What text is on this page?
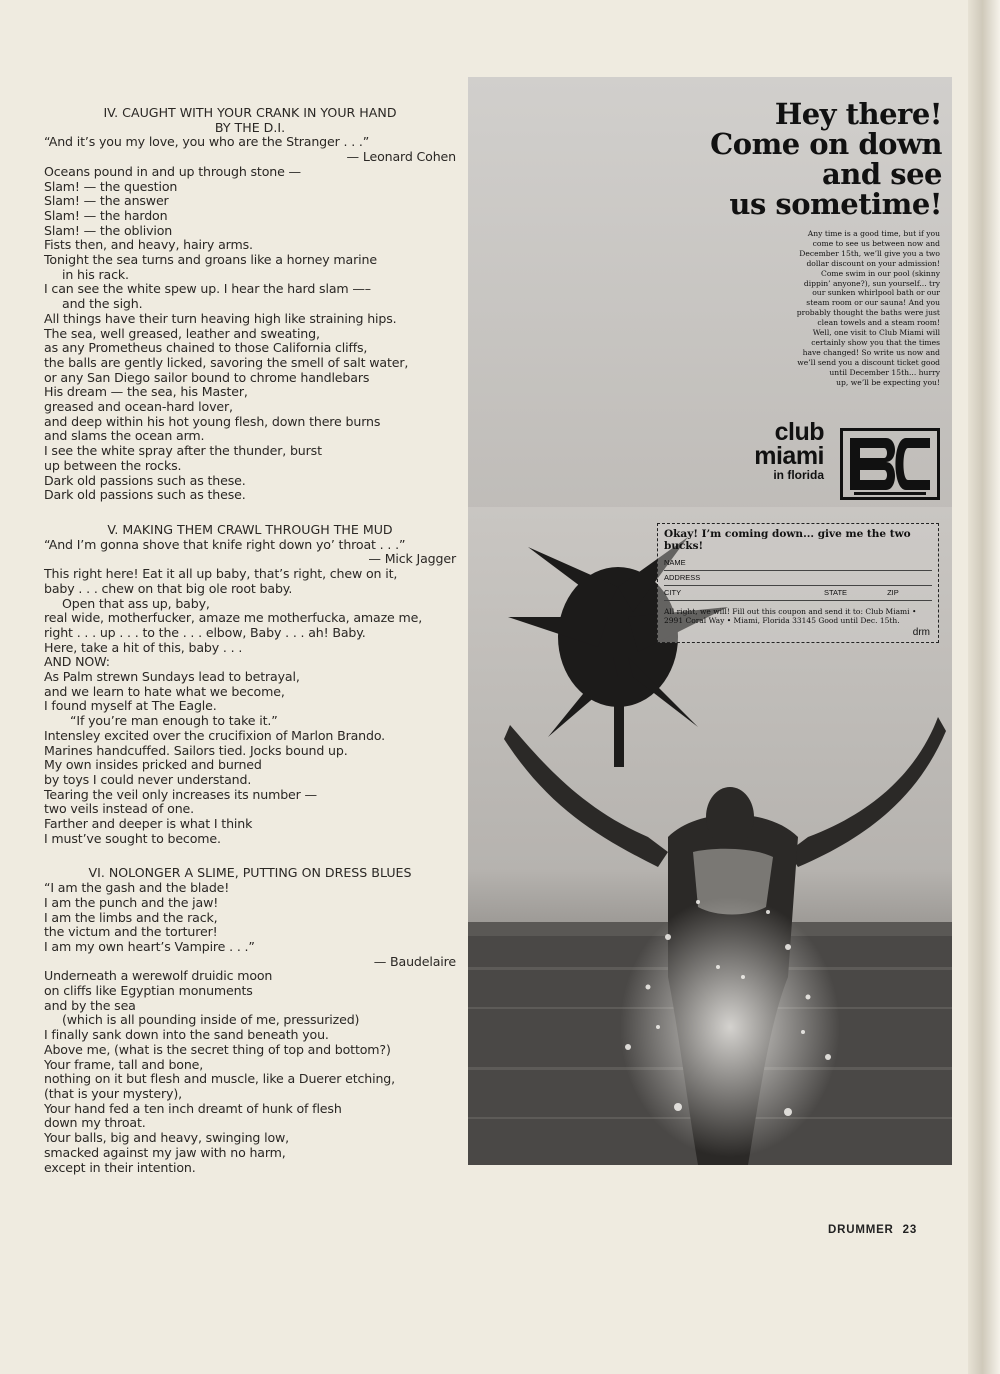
IV. CAUGHT WITH YOUR CRANK IN YOUR HAND
BY THE D.I.
“And it’s you my love, you who are the Stranger . . .”
— Leonard Cohen
Oceans pound in and up through stone —
Slam! — the question
Slam! — the answer
Slam! — the hardon
Slam! — the oblivion
Fists then, and heavy, hairy arms.
Tonight the sea turns and groans like a horney marine
in his rack.
I can see the white spew up. I hear the hard slam —–
and the sigh.
All things have their turn heaving high like straining hips.
The sea, well greased, leather and sweating,
as any Prometheus chained to those California cliffs,
the balls are gently licked, savoring the smell of salt water,
or any San Diego sailor bound to chrome handlebars
His dream — the sea, his Master,
greased and ocean-hard lover,
and deep within his hot young flesh, down there burns
and slams the ocean arm.
I see the white spray after the thunder, burst
up between the rocks.
Dark old passions such as these.
Dark old passions such as these.
V. MAKING THEM CRAWL THROUGH THE MUD
“And I’m gonna shove that knife right down yo’ throat . . .”
— Mick Jagger
This right here! Eat it all up baby, that’s right, chew on it,
baby . . . chew on that big ole root baby.
Open that ass up, baby,
real wide, motherfucker, amaze me motherfucka, amaze me,
right . . . up . . . to the . . . elbow, Baby . . . ah! Baby.
Here, take a hit of this, baby . . .
AND NOW:
As Palm strewn Sundays lead to betrayal,
and we learn to hate what we become,
I found myself at The Eagle.
“If you’re man enough to take it.”
Intensley excited over the crucifixion of Marlon Brando.
Marines handcuffed. Sailors tied. Jocks bound up.
My own insides pricked and burned
by toys I could never understand.
Tearing the veil only increases its number —
two veils instead of one.
Farther and deeper is what I think
I must’ve sought to become.
VI. NOLONGER A SLIME, PUTTING ON DRESS BLUES
“I am the gash and the blade!
I am the punch and the jaw!
I am the limbs and the rack,
the victum and the torturer!
I am my own heart’s Vampire . . .”
— Baudelaire
Underneath a werewolf druidic moon
on cliffs like Egyptian monuments
and by the sea
(which is all pounding inside of me, pressurized)
I finally sank down into the sand beneath you.
Above me, (what is the secret thing of top and bottom?)
Your frame, tall and bone,
nothing on it but flesh and muscle, like a Duerer etching,
(that is your mystery),
Your hand fed a ten inch dreamt of hunk of flesh
down my throat.
Your balls, big and heavy, swinging low,
smacked against my jaw with no harm,
except in their intention.
Hey there!
Come on down
and see
us sometime!
Any time is a good time, but if you
come to see us between now and
December 15th, we’ll give you a two
dollar discount on your admission!
Come swim in our pool (skinny
dippin’ anyone?), sun yourself... try
our sunken whirlpool bath or our
steam room or our sauna! And you
probably thought the baths were just
clean towels and a steam room!
Well, one visit to Club Miami will
certainly show you that the times
have changed! So write us now and
we’ll send you a discount ticket good
until December 15th... hurry
up, we’ll be expecting you!
club
miami
in florida
Okay! I’m coming down... give me the two bucks!
NAME
ADDRESS
CITY	STATE	ZIP
All right, we will! Fill out this coupon and send it to: Club Miami • 2991 Coral Way • Miami, Florida 33145 Good until Dec. 15th.
drm
DRUMMER 23
